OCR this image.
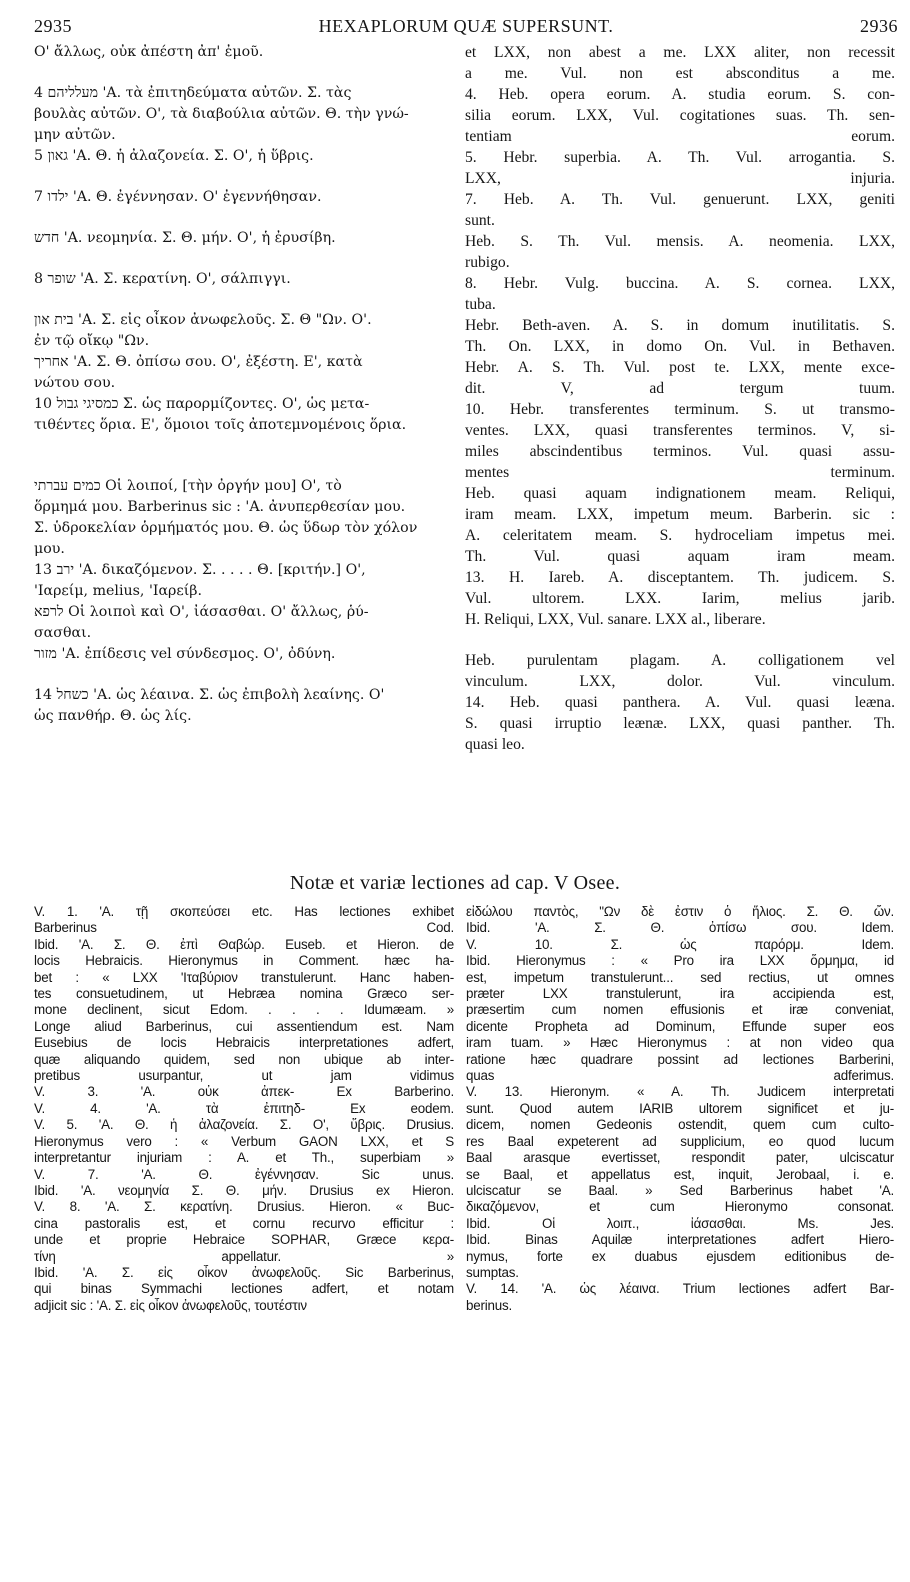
2935	HEXAPLORUM QUÆ SUPERSUNT.	2936
O' ἄλλως, οὐκ ἀπέστη ἀπ' ἐμοῦ.
מעלליהם 4 'Α. τὰ ἐπιτηδεύματα αὐτῶν. Σ. τὰς
βουλὰς αὐτῶν. O', τὰ διαβούλια αὐτῶν. Θ. τὴν γνώ-
μην αὐτῶν.
גאון 5 'Α. Θ. ἡ ἀλαζονεία. Σ. O', ἡ ὕβρις.
ילדו 7 'Α. Θ. ἐγέννησαν. O' ἐγεννήθησαν.
חדש 'Α. νεομηνία. Σ. Θ. μήν. O', ἡ ἐρυσίβη.
שופר 8 'Α. Σ. κερατίνη. O', σάλπιγγι.
בית און 'Α. Σ. εἰς οἶκον ἀνωφελοῦς. Σ. Θ "Ων. O'.
ἐν τῷ οἴκῳ "Ων.
אחריך 'Α. Σ. Θ. ὀπίσω σου. O', ἐξέστη. E', κατὰ
νώτου σου.
כמסיגי גבול 10 Σ. ὡς παρορμίζοντες. O', ὡς μετα-
τιθέντες ὅρια. E', ὅμοιοι τοῖς ἀποτεμνομένοις ὅρια.
כמים עברתי Οἱ λοιποί, [τὴν ὀργήν μου] O', τὸ
ὅρμημά μου. Barberinus sic : 'A. ἀνυπερθεσίαν μου.
Σ. ὑδροκελίαν ὁρμήματός μου. Θ. ὡς ὕδωρ τὸν χόλον
μου.
ירב 13 'Α. δικαζόμενον. Σ. . . . . Θ. [κριτήν.] O',
'Ιαρείμ, melius, 'Ιαρείβ.
לרפא Οἱ λοιποὶ καὶ O', ἰάσασθαι. O' ἄλλως, ῥύ-
σασθαι.
מזור 'Α. ἐπίδεσις vel σύνδεσμος. O', ὀδύνη.
כשחל 14 'Α. ὡς λέαινα. Σ. ὡς ἐπιβολὴ λεαίνης. O'
ὡς πανθήρ. Θ. ὡς λίς.
et LXX, non abest a me. LXX aliter, non recessit
a me. Vul. non est absconditus a me.
4. Heb. opera eorum. A. studia eorum. S. con-
silia eorum. LXX, Vul. cogitationes suas. Th. sen-
tentiam eorum.
5. Hebr. superbia. A. Th. Vul. arrogantia. S.
LXX, injuria.
7. Heb. A. Th. Vul. genuerunt. LXX, geniti
sunt.
Heb. S. Th. Vul. mensis. A. neomenia. LXX,
rubigo.
8. Hebr. Vulg. buccina. A. S. cornea. LXX,
tuba.
Hebr. Beth-aven. A. S. in domum inutilitatis. S.
Th. On. LXX, in domo On. Vul. in Bethaven.
Hebr. A. S. Th. Vul. post te. LXX, mente exce-
dit. V, ad tergum tuum.
10. Hebr. transferentes terminum. S. ut transmo-
ventes. LXX, quasi transferentes terminos. V, si-
miles abscindentibus terminos. Vul. quasi assu-
mentes terminum.
Heb. quasi aquam indignationem meam. Reliqui,
iram meam. LXX, impetum meum. Barberin. sic :
A. celeritatem meam. S. hydroceliam impetus mei.
Th. Vul. quasi aquam iram meam.
13. H. Iareb. A. disceptantem. Th. judicem. S.
Vul. ultorem. LXX. Iarim, melius jarib.
H. Reliqui, LXX, Vul. sanare. LXX al., liberare.
Heb. purulentam plagam. A. colligationem vel
vinculum. LXX, dolor. Vul. vinculum.
14. Heb. quasi panthera. A. Vul. quasi leæna.
S. quasi irruptio leænæ. LXX, quasi panther. Th.
quasi leo.
Notæ et variæ lectiones ad cap. V Osee.
V. 1. 'A. τῇ σκοπεύσει etc. Has lectiones exhibet
Barberinus Cod.
Ibid. 'A. Σ. Θ. ἐπὶ Θαβώρ. Euseb. et Hieron. de
locis Hebraicis. Hieronymus in Comment. hæc ha-
bet : « LXX 'Ιταβύριον transtulerunt. Hanc haben-
tes consuetudinem, ut Hebræa nomina Græco ser-
mone declinent, sicut Edom. . . . . Idumæam. »
Longe aliud Barberinus, cui assentiendum est. Nam
Eusebius de locis Hebraicis interpretationes adfert,
quæ aliquando quidem, sed non ubique ab inter-
pretibus usurpantur, ut jam vidimus
V. 3. 'A. οὐκ ἀπεκ- Ex Barberino.
V. 4. 'A. τὰ ἐπιτηδ- Ex eodem.
V. 5. 'A. Θ. ἡ ἀλαζονεία. Σ. O', ὕβρις. Drusius.
Hieronymus vero : « Verbum GAON LXX, et S
interpretantur injuriam : A. et Th., superbiam »
V. 7. 'A. Θ. ἐγέννησαν. Sic unus.
Ibid. 'A. νεομηνία Σ. Θ. μήν. Drusius ex Hieron.
V. 8. 'A. Σ. κερατίνη. Drusius. Hieron. « Buc-
cina pastoralis est, et cornu recurvo efficitur :
unde et proprie Hebraice SOPHAR, Græce κερα-
τίνη appellatur. »
Ibid. 'A. Σ. εἰς οἶκον ἀνωφελοῦς. Sic Barberinus,
qui binas Symmachi lectiones adfert, et notam
adjicit sic : 'A. Σ. εἰς οἶκον ἀνωφελοῦς, τουτέστιν
εἰδώλου παντὸς, "Ων δὲ ἐστιν ὁ ἥλιος. Σ. Θ. ὤν.
Ibid. 'A. Σ. Θ. ὀπίσω σου. Idem.
V. 10. Σ. ὡς παρόρμ. Idem.
Ibid. Hieronymus : « Pro ira LXX ὅρμημα, id
est, impetum transtulerunt... sed rectius, ut omnes
præter LXX transtulerunt, ira accipienda est,
præsertim cum nomen effusionis et iræ conveniat,
dicente Propheta ad Dominum, Effunde super eos
iram tuam. » Hæc Hieronymus : at non video qua
ratione hæc quadrare possint ad lectiones Barberini,
quas adferimus.
V. 13. Hieronym. « A. Th. Judicem interpretati
sunt. Quod autem IARIB ultorem significet et ju-
dicem, nomen Gedeonis ostendit, quem cum culto-
res Baal expeterent ad supplicium, eo quod lucum
Baal arasque evertisset, respondit pater, ulciscatur
se Baal, et appellatus est, inquit, Jerobaal, i. e.
ulciscatur se Baal. » Sed Barberinus habet 'A.
δικαζόμενον, et cum Hieronymo consonat.
Ibid. Οἱ λοιπ., ἰάσασθαι. Ms. Jes.
Ibid. Binas Aquilæ interpretationes adfert Hiero-
nymus, forte ex duabus ejusdem editionibus de-
sumptas.
V. 14. 'A. ὡς λέαινα. Trium lectiones adfert Bar-
berinus.
